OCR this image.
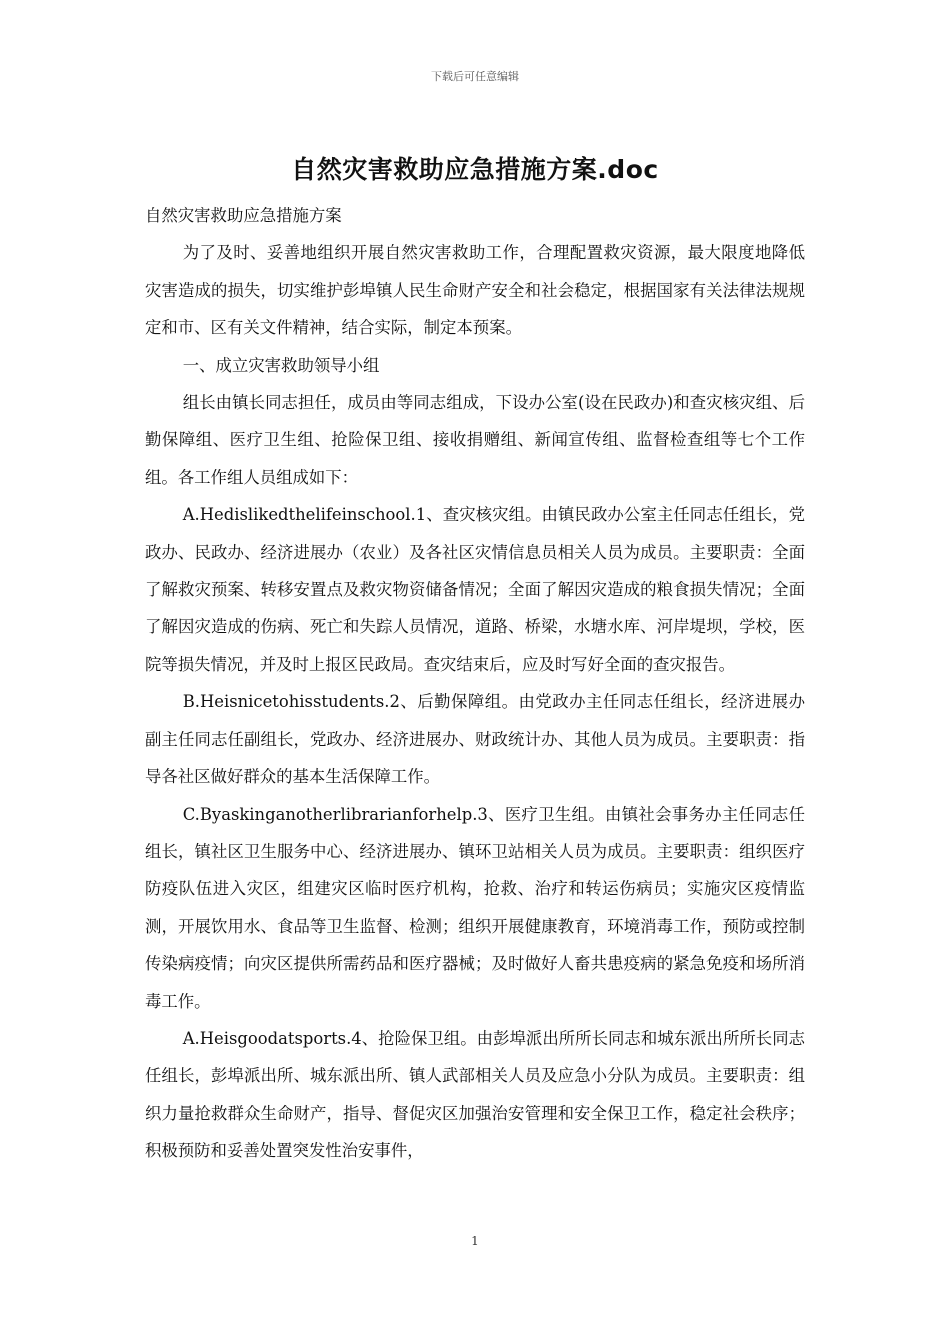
下载后可任意编辑
自然灾害救助应急措施方案.doc

自然灾害救助应急措施方案

为了及时、妥善地组织开展自然灾害救助工作，合理配置救灾资源，最大限度地降低灾害造成的损失，切实维护彭埠镇人民生命财产安全和社会稳定，根据国家有关法律法规规定和市、区有关文件精神，结合实际，制定本预案。

一、成立灾害救助领导小组

组长由镇长同志担任，成员由等同志组成，下设办公室(设在民政办)和查灾核灾组、后勤保障组、医疗卫生组、抢险保卫组、接收捐赠组、新闻宣传组、监督检查组等七个工作组。各工作组人员组成如下：

A.Hedislikedthelifeinschool.1、查灾核灾组。由镇民政办公室主任同志任组长，党政办、民政办、经济进展办（农业）及各社区灾情信息员相关人员为成员。主要职责：全面了解救灾预案、转移安置点及救灾物资储备情况；全面了解因灾造成的粮食损失情况；全面了解因灾造成的伤病、死亡和失踪人员情况，道路、桥梁，水塘水库、河岸堤坝，学校，医院等损失情况，并及时上报区民政局。查灾结束后，应及时写好全面的查灾报告。

B.Heisnicetohisstudents.2、后勤保障组。由党政办主任同志任组长，经济进展办副主任同志任副组长，党政办、经济进展办、财政统计办、其他人员为成员。主要职责：指导各社区做好群众的基本生活保障工作。

C.Byaskinganotherlibrarianforhelp.3、医疗卫生组。由镇社会事务办主任同志任组长，镇社区卫生服务中心、经济进展办、镇环卫站相关人员为成员。主要职责：组织医疗防疫队伍进入灾区，组建灾区临时医疗机构，抢救、治疗和转运伤病员；实施灾区疫情监测，开展饮用水、食品等卫生监督、检测；组织开展健康教育，环境消毒工作，预防或控制传染病疫情；向灾区提供所需药品和医疗器械；及时做好人畜共患疫病的紧急免疫和场所消毒工作。

A.Heisgoodatsports.4、抢险保卫组。由彭埠派出所所长同志和城东派出所所长同志任组长，彭埠派出所、城东派出所、镇人武部相关人员及应急小分队为成员。主要职责：组织力量抢救群众生命财产，指导、督促灾区加强治安管理和安全保卫工作，稳定社会秩序；积极预防和妥善处置突发性治安事件，

1
